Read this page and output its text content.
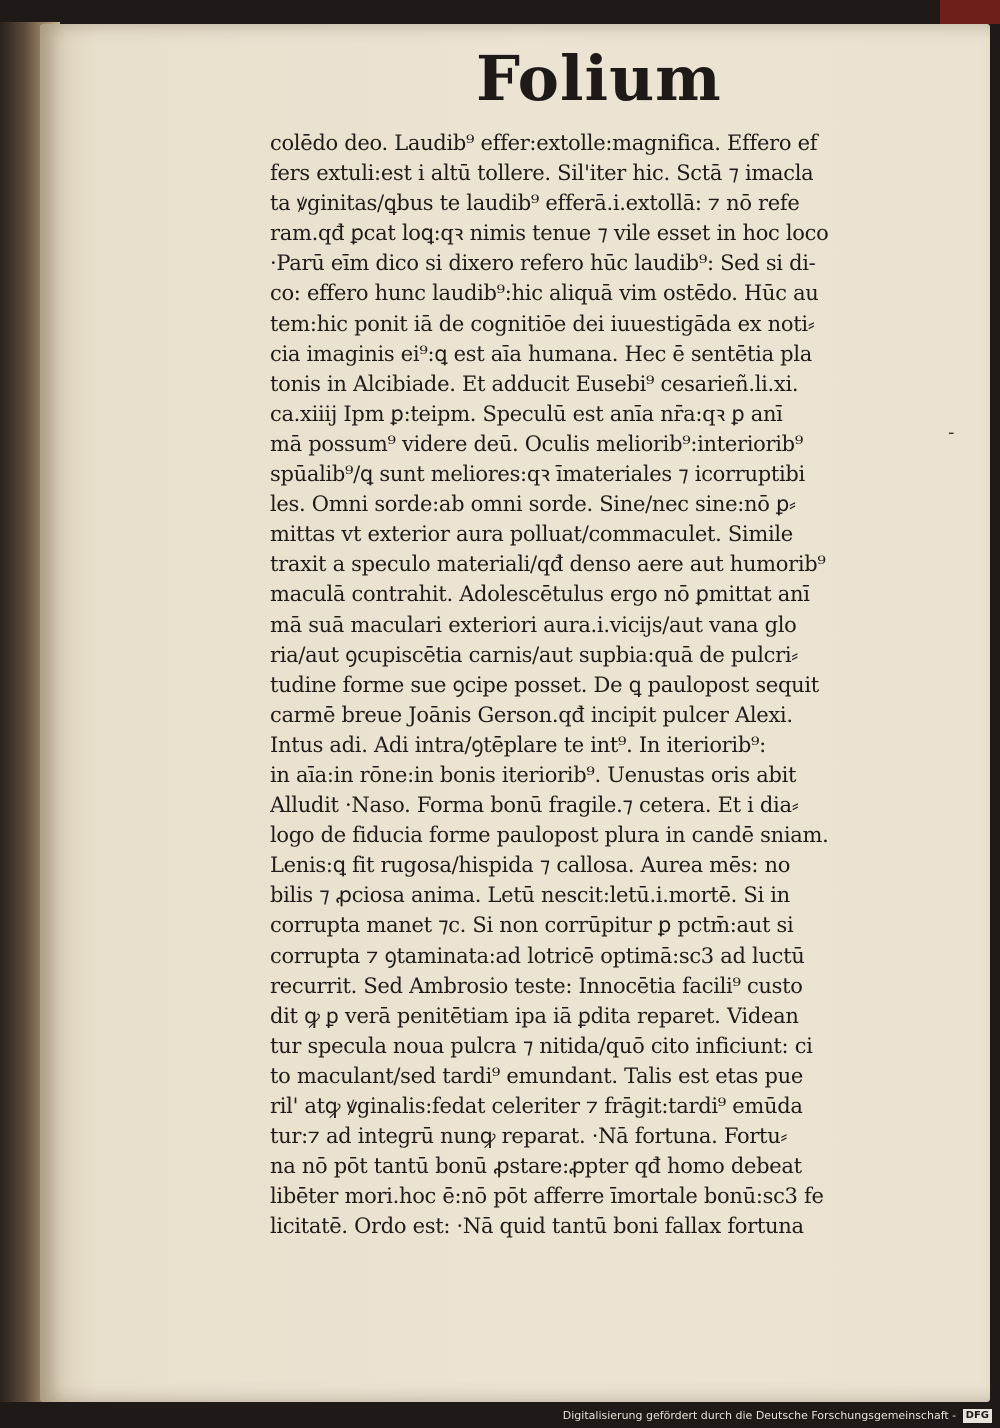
Folium
colēdo deo. Laudib⁹ effer:extolle:magnifica. Effero ef
fers extuli:est i altū tollere. Sil'iter hic. Sctā ⁊ imacla
ta ꝟginitas/ꝗbus te laudib⁹ efferā.i.extollā: ⁊ nō refe
ram.qđ ꝑcat loꝗ:qꝛ nimis tenue ⁊ vile esset in hoc loco
·Parū eīm dico si dixero refero hūc laudib⁹: Sed si di-
co: effero hunc laudib⁹:hic aliquā vim ostēdo. Hūc au
tem:hic ponit iā de cognitiōe dei iuuestigāda ex noti⸗
cia imaginis ei⁹:ꝗ est aīa humana. Hec ē sentētia pla
tonis in Alcibiade. Et adducit Eusebi⁹ cesarieñ.li.xi.
ca.xiiij Ipm ꝑ:teipm. Speculū est anīa nr̄a:qꝛ ꝑ anī
mā possum⁹ videre deū. Oculis meliorib⁹:interiorib⁹
spūalib⁹/ꝗ sunt meliores:qꝛ īmateriales ⁊ icorruptibi
les. Omni sorde:ab omni sorde. Sine/nec sine:nō ꝑ⸗
mittas vt exterior aura polluat/commaculet. Simile
traxit a speculo materiali/qđ denso aere aut humorib⁹
maculā contrahit. Adolescētulus ergo nō ꝑmittat anī
mā suā maculari exteriori aura.i.vicijs/aut vana glo
ria/aut ꝯcupiscētia carnis/aut supbia:quā de pulcri⸗
tudine forme sue ꝯcipe posset. De ꝗ paulopost sequit
carmē breue Joānis Gerson.qđ incipit pulcer Alexi.
Intus adi. Adi intra/ꝯtēplare te int⁹. In iteriorib⁹:
in aīa:in rōne:in bonis iteriorib⁹. Uenustas oris abit
Alludit ·Naso. Forma bonū fragile.⁊ cetera. Et i dia⸗
logo de fiducia forme paulopost plura in candē sniam.
Lenis:ꝗ fit rugosa/hispida ⁊ callosa. Aurea mēs: no
bilis ⁊ ꝓciosa anima. Letū nescit:letū.i.mortē. Si in
corrupta manet ⁊c. Si non corrūpitur ꝑ pctm̄:aut si
corrupta ⁊ ꝯtaminata:ad lotricē optimā:sc3 ad luctū
recurrit. Sed Ambrosio teste: Innocētia facili⁹ custo
dit ꝙ ꝑ verā penitētiam ipa iā ꝑdita reparet. Videan
tur specula noua pulcra ⁊ nitida/quō cito inficiunt: ci
to maculant/sed tardi⁹ emundant. Talis est etas pue
ril' atꝙ ꝟginalis:fedat celeriter ⁊ frāgit:tardi⁹ emūda
tur:⁊ ad integrū nunꝙ reparat. ·Nā fortuna. Fortu⸗
na nō pōt tantū bonū ꝓstare:ꝓpter qđ homo debeat
libēter mori.hoc ē:nō pōt afferre īmortale bonū:sc3 fe
licitatē. Ordo est: ·Nā quid tantū boni fallax fortuna
-
Digitalisierung gefördert durch die Deutsche Forschungsgemeinschaft - DFG
